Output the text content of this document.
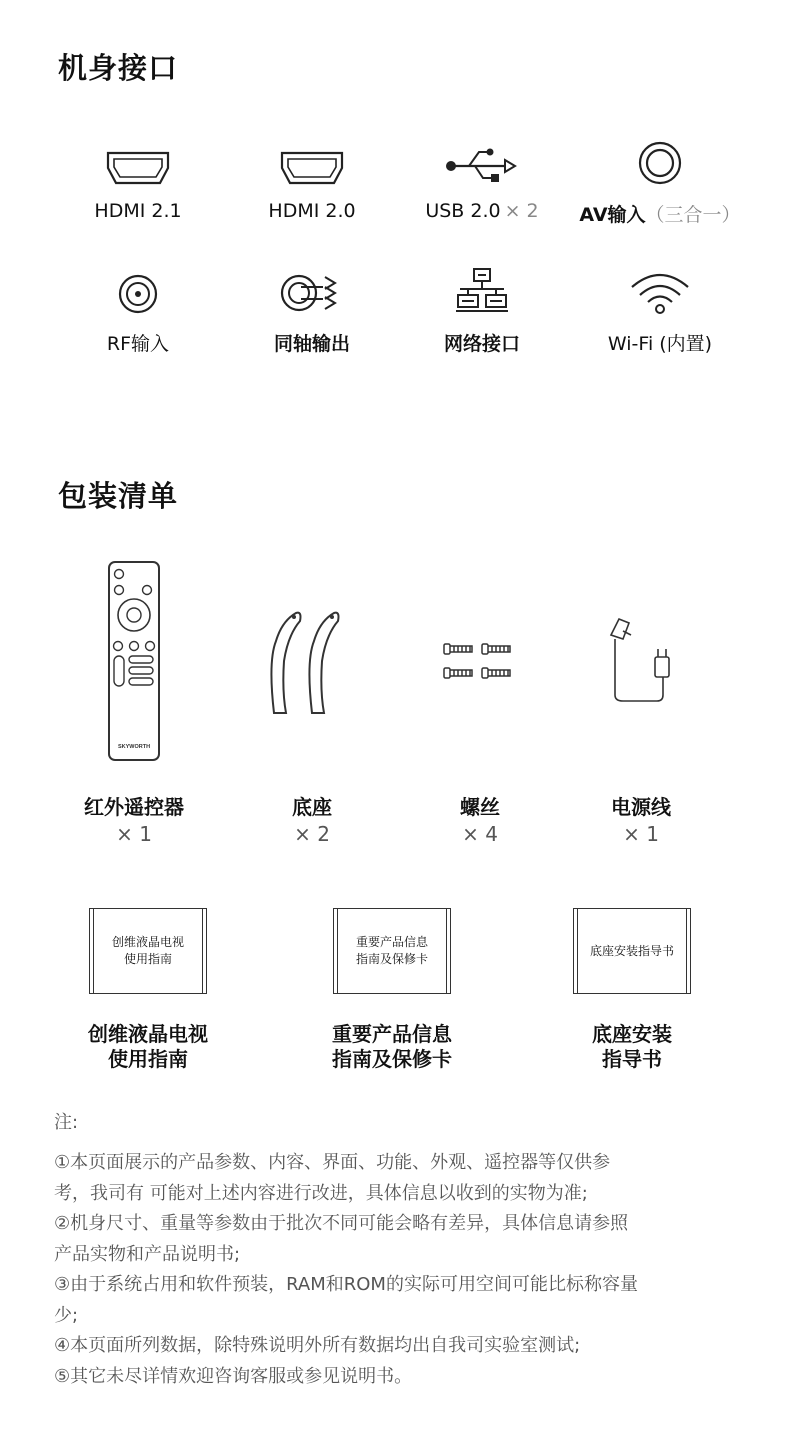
机身接口
HDMI 2.1	HDMI 2.0	USB 2.0 × 2	AV输入（三合一）
RF输入	同轴输出	网络接口	Wi-Fi (内置)
包装清单
SKYWORTH
红外遥控器
× 1
底座
× 2
螺丝
× 4
电源线
× 1
创维液晶电视
使用指南
创维液晶电视
使用指南
重要产品信息
指南及保修卡
重要产品信息
指南及保修卡
底座安装指导书
底座安装
指导书
注:

①本页面展示的产品参数、内容、界面、功能、外观、遥控器等仅供参

考，我司有 可能对上述内容进行改进，具体信息以收到的实物为准;

②机身尺寸、重量等参数由于批次不同可能会略有差异，具体信息请参照

产品实物和产品说明书;

③由于系统占用和软件预装，RAM和ROM的实际可用空间可能比标称容量

少;

④本页面所列数据，除特殊说明外所有数据均出自我司实验室测试;

⑤其它未尽详情欢迎咨询客服或参见说明书。
